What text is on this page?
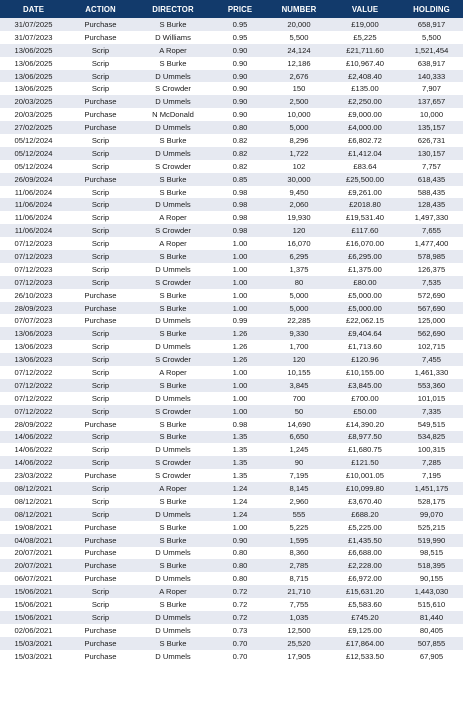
DATE	ACTION	DIRECTOR	PRICE	NUMBER	VALUE	HOLDING
31/07/2025	Purchase	S Burke	0.95	20,000	£19,000	658,917
31/07/2023	Purchase	D Williams	0.95	5,500	£5,225	5,500
13/06/2025	Scrip	A Roper	0.90	24,124	£21,711.60	1,521,454
13/06/2025	Scrip	S Burke	0.90	12,186	£10,967.40	638,917
13/06/2025	Scrip	D Ummels	0.90	2,676	£2,408.40	140,333
13/06/2025	Scrip	S Crowder	0.90	150	£135.00	7,907
20/03/2025	Purchase	D Ummels	0.90	2,500	£2,250.00	137,657
20/03/2025	Purchase	N McDonald	0.90	10,000	£9,000.00	10,000
27/02/2025	Purchase	D Ummels	0.80	5,000	£4,000.00	135,157
05/12/2024	Scrip	S Burke	0.82	8,296	£6,802.72	626,731
05/12/2024	Scrip	D Ummels	0.82	1,722	£1,412.04	130,157
05/12/2024	Scrip	S Crowder	0.82	102	£83.64	7,757
26/09/2024	Purchase	S Burke	0.85	30,000	£25,500.00	618,435
11/06/2024	Scrip	S Burke	0.98	9,450	£9,261.00	588,435
11/06/2024	Scrip	D Ummels	0.98	2,060	£2018.80	128,435
11/06/2024	Scrip	A Roper	0.98	19,930	£19,531.40	1,497,330
11/06/2024	Scrip	S Crowder	0.98	120	£117.60	7,655
07/12/2023	Scrip	A Roper	1.00	16,070	£16,070.00	1,477,400
07/12/2023	Scrip	S Burke	1.00	6,295	£6,295.00	578,985
07/12/2023	Scrip	D Ummels	1.00	1,375	£1,375.00	126,375
07/12/2023	Scrip	S Crowder	1.00	80	£80.00	7,535
26/10/2023	Purchase	S Burke	1.00	5,000	£5,000.00	572,690
28/09/2023	Purchase	S Burke	1.00	5,000	£5,000.00	567,690
07/07/2023	Purchase	D Ummels	0.99	22,285	£22,062.15	125,000
13/06/2023	Scrip	S Burke	1.26	9,330	£9,404.64	562,690
13/06/2023	Scrip	D Ummels	1.26	1,700	£1,713.60	102,715
13/06/2023	Scrip	S Crowder	1.26	120	£120.96	7,455
07/12/2022	Scrip	A Roper	1.00	10,155	£10,155.00	1,461,330
07/12/2022	Scrip	S Burke	1.00	3,845	£3,845.00	553,360
07/12/2022	Scrip	D Ummels	1.00	700	£700.00	101,015
07/12/2022	Scrip	S Crowder	1.00	50	£50.00	7,335
28/09/2022	Purchase	S Burke	0.98	14,690	£14,390.20	549,515
14/06/2022	Scrip	S Burke	1.35	6,650	£8,977.50	534,825
14/06/2022	Scrip	D Ummels	1.35	1,245	£1,680.75	100,315
14/06/2022	Scrip	S Crowder	1.35	90	£121.50	7,285
23/03/2022	Purchase	S Crowder	1.35	7,195	£10,001.05	7,195
08/12/2021	Scrip	A Roper	1.24	8,145	£10,099.80	1,451,175
08/12/2021	Scrip	S Burke	1.24	2,960	£3,670.40	528,175
08/12/2021	Scrip	D Ummels	1.24	555	£688.20	99,070
19/08/2021	Purchase	S Burke	1.00	5,225	£5,225.00	525,215
04/08/2021	Purchase	S Burke	0.90	1,595	£1,435.50	519,990
20/07/2021	Purchase	D Ummels	0.80	8,360	£6,688.00	98,515
20/07/2021	Purchase	S Burke	0.80	2,785	£2,228.00	518,395
06/07/2021	Purchase	D Ummels	0.80	8,715	£6,972.00	90,155
15/06/2021	Scrip	A Roper	0.72	21,710	£15,631.20	1,443,030
15/06/2021	Scrip	S Burke	0.72	7,755	£5,583.60	515,610
15/06/2021	Scrip	D Ummels	0.72	1,035	£745.20	81,440
02/06/2021	Purchase	D Ummels	0.73	12,500	£9,125.00	80,405
15/03/2021	Purchase	S Burke	0.70	25,520	£17,864.00	507,855
15/03/2021	Purchase	D Ummels	0.70	17,905	£12,533.50	67,905
